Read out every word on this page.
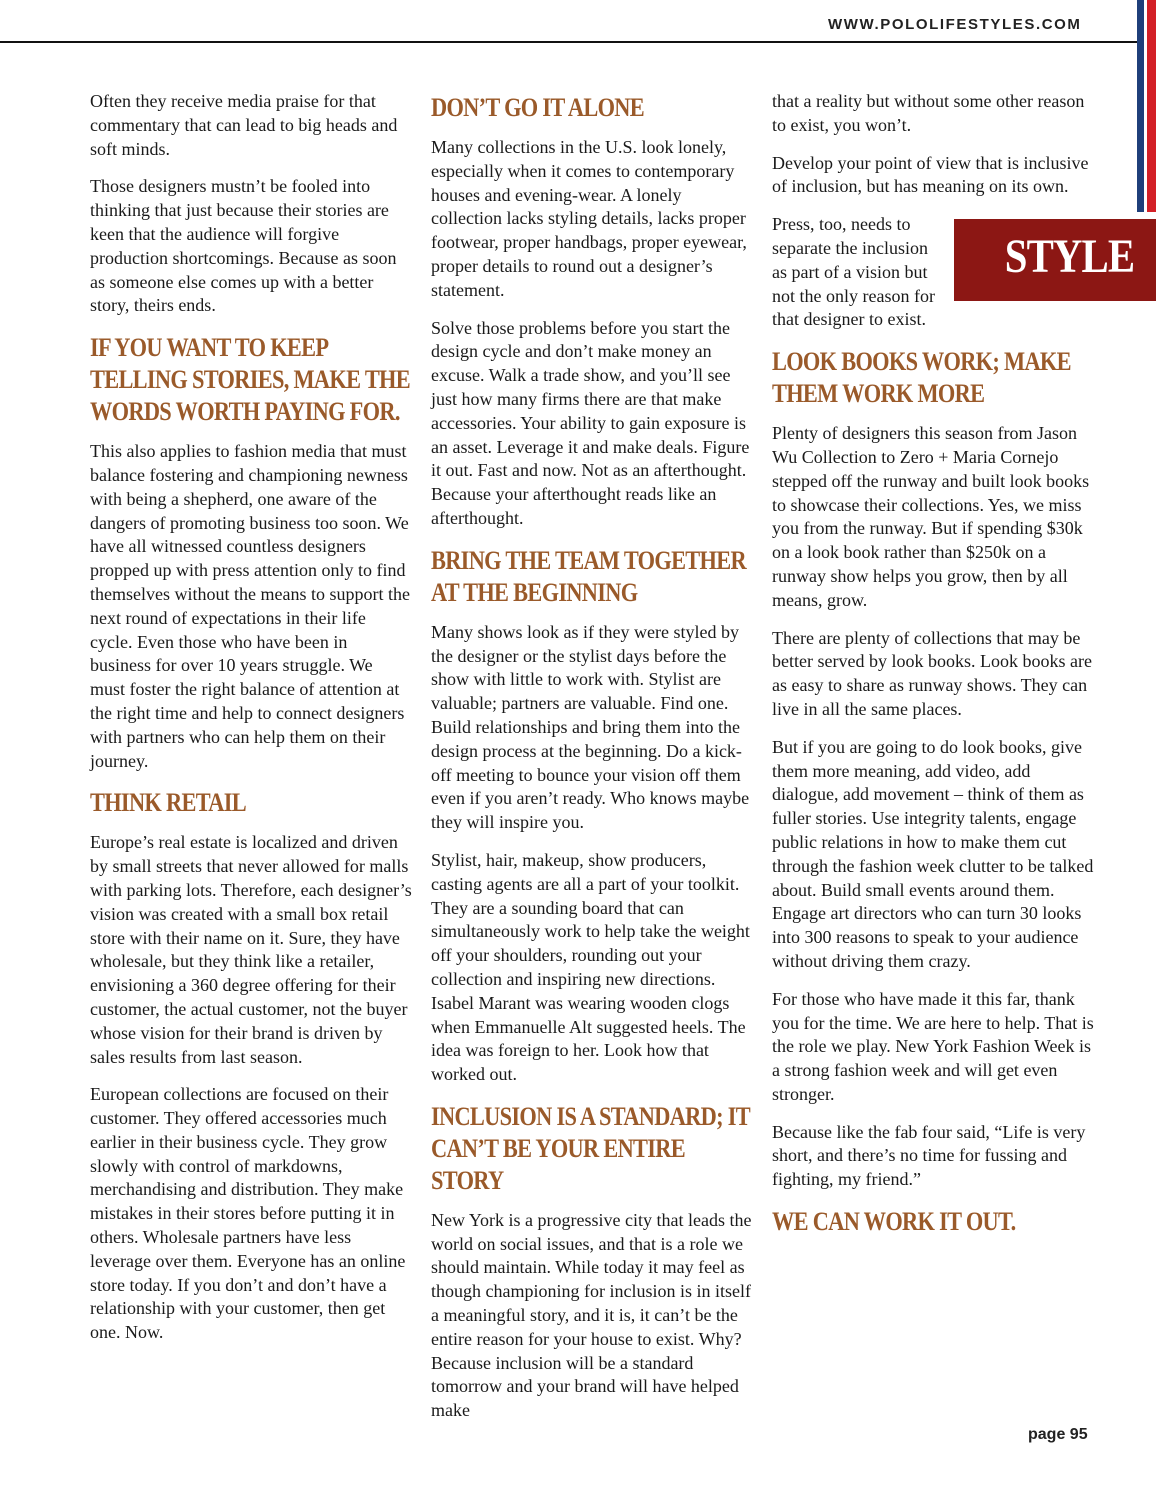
WWW.POLOLIFESTYLES.COM

Often they receive media praise for that commentary that can lead to big heads and soft minds.

Those designers mustn’t be fooled into thinking that just because their stories are keen that the audience will forgive production shortcomings. Because as soon as someone else comes up with a better story, theirs ends.

IF YOU WANT TO KEEP TELLING STORIES, MAKE THE WORDS WORTH PAYING FOR.

This also applies to fashion media that must balance fostering and championing newness with being a shepherd, one aware of the dangers of promoting business too soon. We have all witnessed countless designers propped up with press attention only to find themselves without the means to support the next round of expectations in their life cycle. Even those who have been in business for over 10 years struggle. We must foster the right balance of attention at the right time and help to connect designers with partners who can help them on their journey.

THINK RETAIL

Europe’s real estate is localized and driven by small streets that never allowed for malls with parking lots. Therefore, each designer’s vision was created with a small box retail store with their name on it. Sure, they have wholesale, but they think like a retailer, envisioning a 360 degree offering for their customer, the actual customer, not the buyer whose vision for their brand is driven by sales results from last season.

European collections are focused on their customer. They offered accessories much earlier in their business cycle. They grow slowly with control of markdowns, merchandising and distribution. They make mistakes in their stores before putting it in others. Wholesale partners have less leverage over them. Everyone has an online store today. If you don’t and don’t have a relationship with your customer, then get one. Now.

DON’T GO IT ALONE

Many collections in the U.S. look lonely, especially when it comes to contemporary houses and evening-wear. A lonely collection lacks styling details, lacks proper footwear, proper handbags, proper eyewear, proper details to round out a designer’s statement.

Solve those problems before you start the design cycle and don’t make money an excuse. Walk a trade show, and you’ll see just how many firms there are that make accessories. Your ability to gain exposure is an asset. Leverage it and make deals. Figure it out. Fast and now. Not as an afterthought. Because your afterthought reads like an afterthought.

BRING THE TEAM TOGETHER AT THE BEGINNING

Many shows look as if they were styled by the designer or the stylist days before the show with little to work with. Stylist are valuable; partners are valuable. Find one. Build relationships and bring them into the design process at the beginning. Do a kick-off meeting to bounce your vision off them even if you aren’t ready. Who knows maybe they will inspire you.

Stylist, hair, makeup, show producers, casting agents are all a part of your toolkit. They are a sounding board that can simultaneously work to help take the weight off your shoulders, rounding out your collection and inspiring new directions. Isabel Marant was wearing wooden clogs when Emmanuelle Alt suggested heels. The idea was foreign to her. Look how that worked out.

INCLUSION IS A STANDARD; IT CAN’T BE YOUR ENTIRE STORY

New York is a progressive city that leads the world on social issues, and that is a role we should maintain. While today it may feel as though championing for inclusion is in itself a meaningful story, and it is, it can’t be the entire reason for your house to exist. Why? Because inclusion will be a standard tomorrow and your brand will have helped make

that a reality but without some other reason to exist, you won’t.

Develop your point of view that is inclusive of inclusion, but has meaning on its own.

STYLE

Press, too, needs to separate the inclusion as part of a vision but not the only reason for that designer to exist.

LOOK BOOKS WORK; MAKE THEM WORK MORE

Plenty of designers this season from Jason Wu Collection to Zero + Maria Cornejo stepped off the runway and built look books to showcase their collections. Yes, we miss you from the runway. But if spending $30k on a look book rather than $250k on a runway show helps you grow, then by all means, grow.

There are plenty of collections that may be better served by look books. Look books are as easy to share as runway shows. They can live in all the same places.

But if you are going to do look books, give them more meaning, add video, add dialogue, add movement – think of them as fuller stories. Use integrity talents, engage public relations in how to make them cut through the fashion week clutter to be talked about. Build small events around them. Engage art directors who can turn 30 looks into 300 reasons to speak to your audience without driving them crazy.

For those who have made it this far, thank you for the time. We are here to help. That is the role we play. New York Fashion Week is a strong fashion week and will get even stronger.

Because like the fab four said, “Life is very short, and there’s no time for fussing and fighting, my friend.”

WE CAN WORK IT OUT.
page 95
